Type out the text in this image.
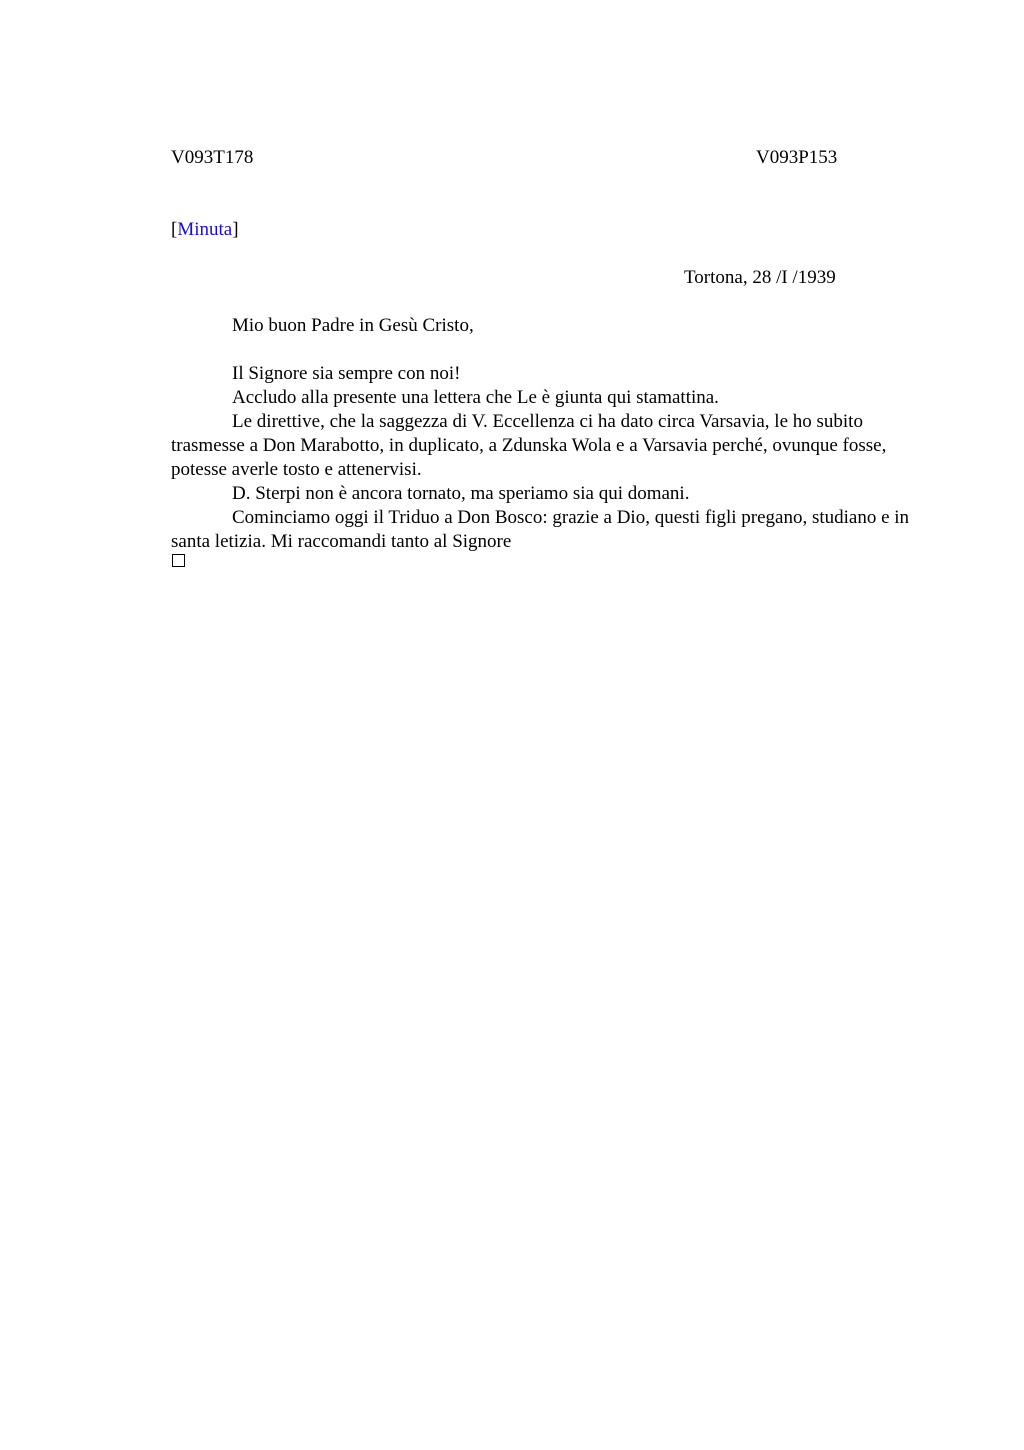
V093T178	V093P153
[Minuta]
Tortona, 28 /I /1939
Mio buon Padre in Gesù Cristo,

Il Signore sia sempre con noi!

Accludo alla presente una lettera che Le è giunta qui stamattina.

Le direttive, che la saggezza di V. Eccellenza ci ha dato circa Varsavia, le ho subito trasmesse a Don Marabotto, in duplicato, a Zdunska Wola e a Varsavia perché, ovunque fosse, potesse averle tosto e attenervisi.

D. Sterpi non è ancora tornato, ma speriamo sia qui domani.

Cominciamo oggi il Triduo a Don Bosco: grazie a Dio, questi figli pregano, studiano e in santa letizia. Mi raccomandi tanto al Signore
